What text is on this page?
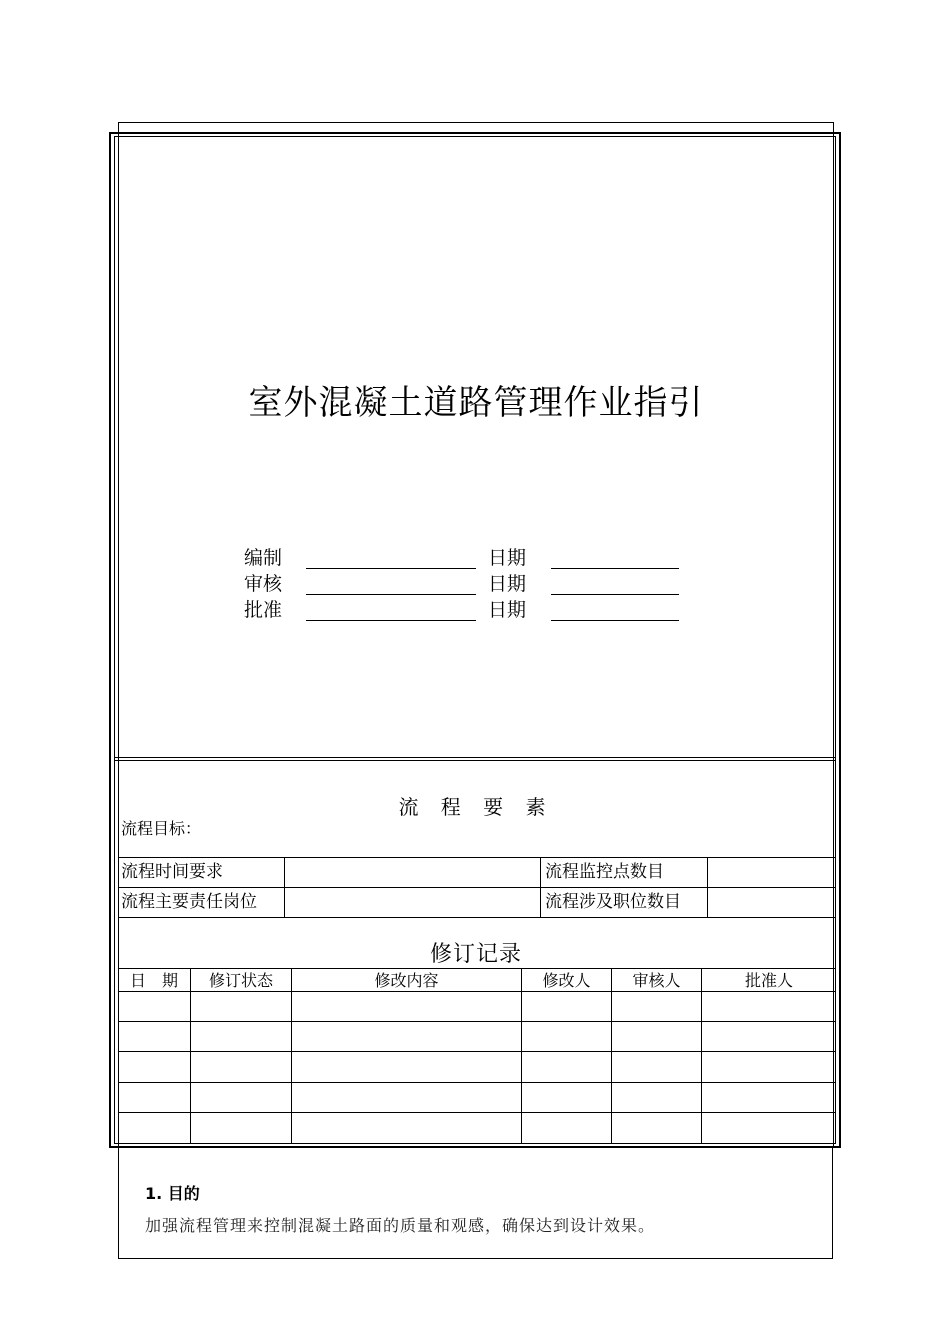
室外混凝土道路管理作业指引
编制	日期
审核	日期
批准	日期
流 程 要 素
流程目标：
流程时间要求	流程监控点数目
流程主要责任岗位	流程涉及职位数目
修订记录
日　期	修订状态	修改内容	修改人	审核人	批准人
1. 目的
加强流程管理来控制混凝土路面的质量和观感，确保达到设计效果。
